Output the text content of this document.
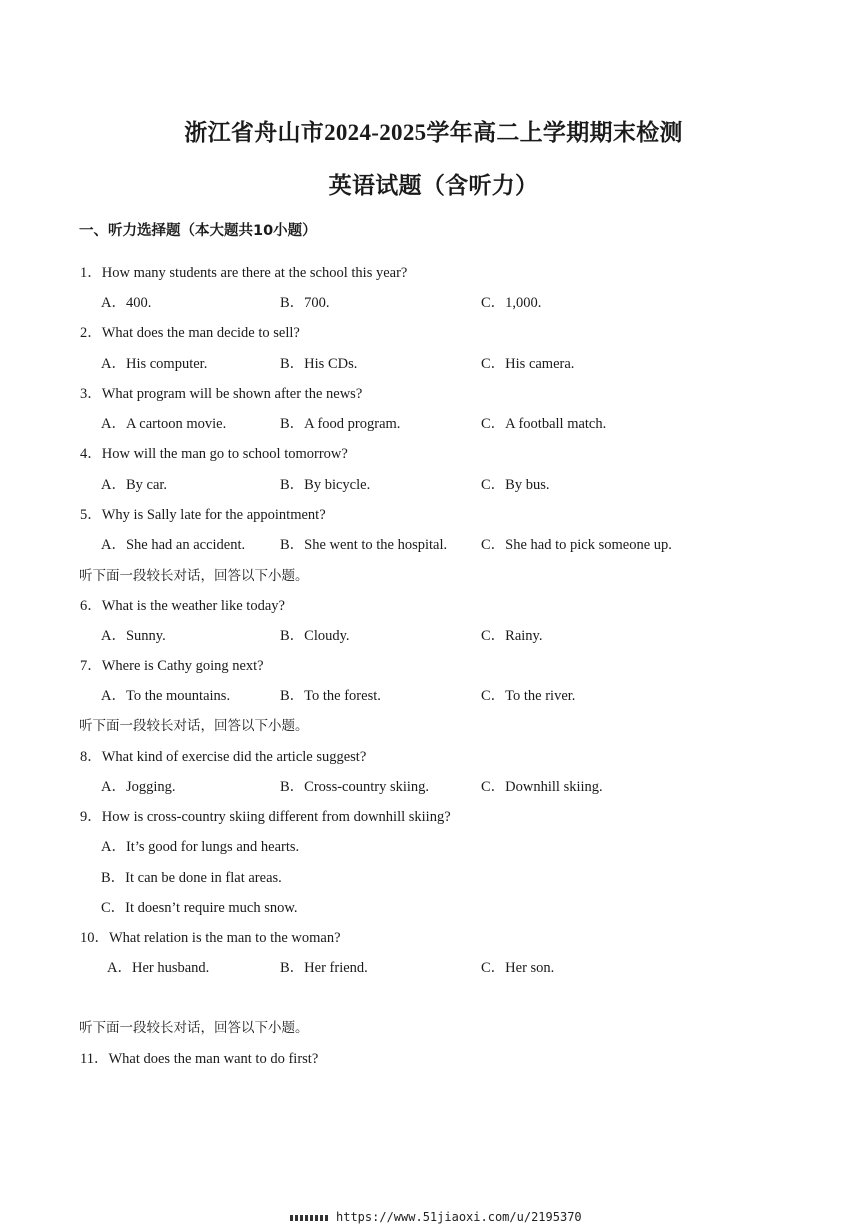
浙江省舟山市2024-2025学年高二上学期期末检测
英语试题（含听力）
一、听力选择题（本大题共10小题）
1．How many students are there at the school this year?
A．400.	B．700.	C．1,000.
2．What does the man decide to sell?
A．His computer.	B．His CDs.	C．His camera.
3．What program will be shown after the news?
A．A cartoon movie.	B．A food program.	C．A football match.
4．How will the man go to school tomorrow?
A．By car.	B．By bicycle.	C．By bus.
5．Why is Sally late for the appointment?
A．She had an accident. B．She went to the hospital. C．She had to pick someone up.
听下面一段较长对话，回答以下小题。
6．What is the weather like today?
A．Sunny.	B．Cloudy.	C．Rainy.
7．Where is Cathy going next?
A．To the mountains.	B．To the forest.	C．To the river.
听下面一段较长对话，回答以下小题。
8．What kind of exercise did the article suggest?
A．Jogging.	B．Cross-country skiing.	C．Downhill skiing.
9．How is cross-country skiing different from downhill skiing?
A．It’s good for lungs and hearts.
B．It can be done in flat areas.
C．It doesn’t require much snow.
10．What relation is the man to the woman?
A．Her husband.	B．Her friend.	C．Her son.
听下面一段较长对话，回答以下小题。
11．What does the man want to do first?
https://www.51jiaoxi.com/u/2195370
